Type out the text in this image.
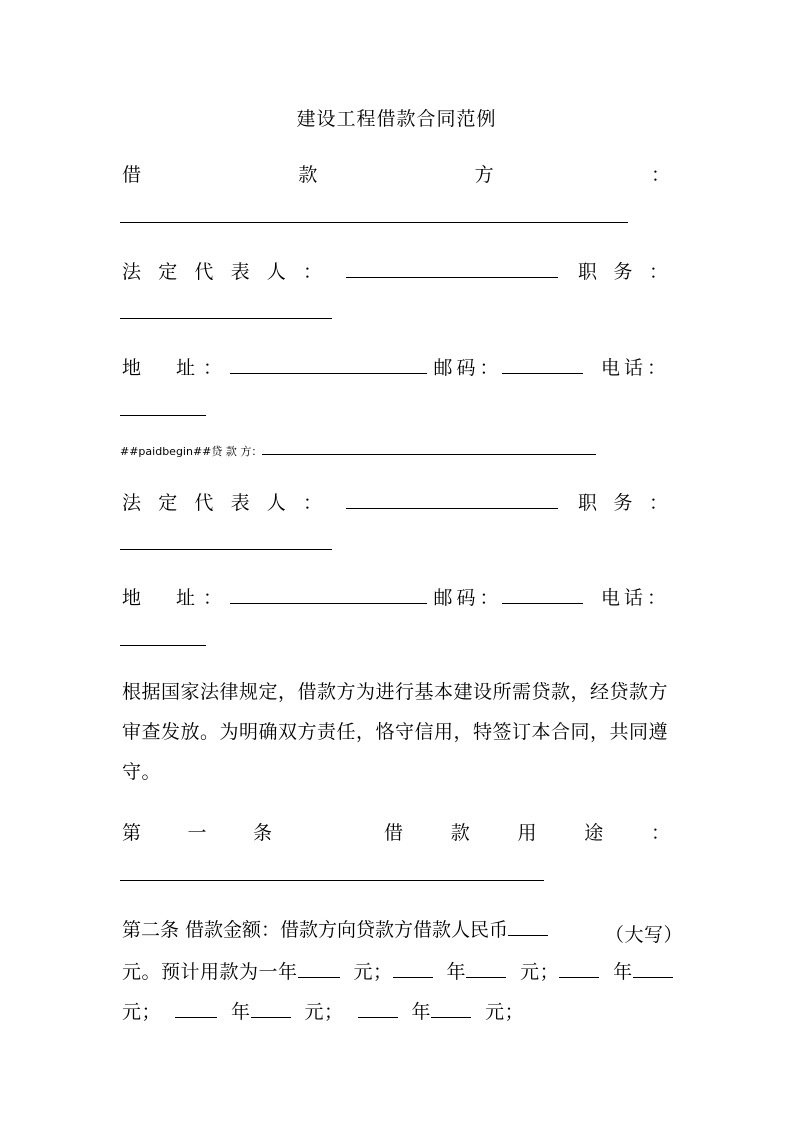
建设工程借款合同范例
借	款	方	：
法 定 代 表 人 ：	职 务 ：
地　址：	邮码：	电话：
##paidbegin##贷 款 方：
法 定 代 表 人 ：	职 务 ：
地　址：	邮码：	电话：
根据国家法律规定，借款方为进行基本建设所需贷款，经贷款方审查发放。为明确双方责任，恪守信用，特签订本合同，共同遵守。
第 一 条	借	款	用	途	：
第二条 借款金额：借款方向贷款方借款人民币	（大写）
元。预计用款为一年	元；	年	元；	年
元；	年	元；	年	元；
